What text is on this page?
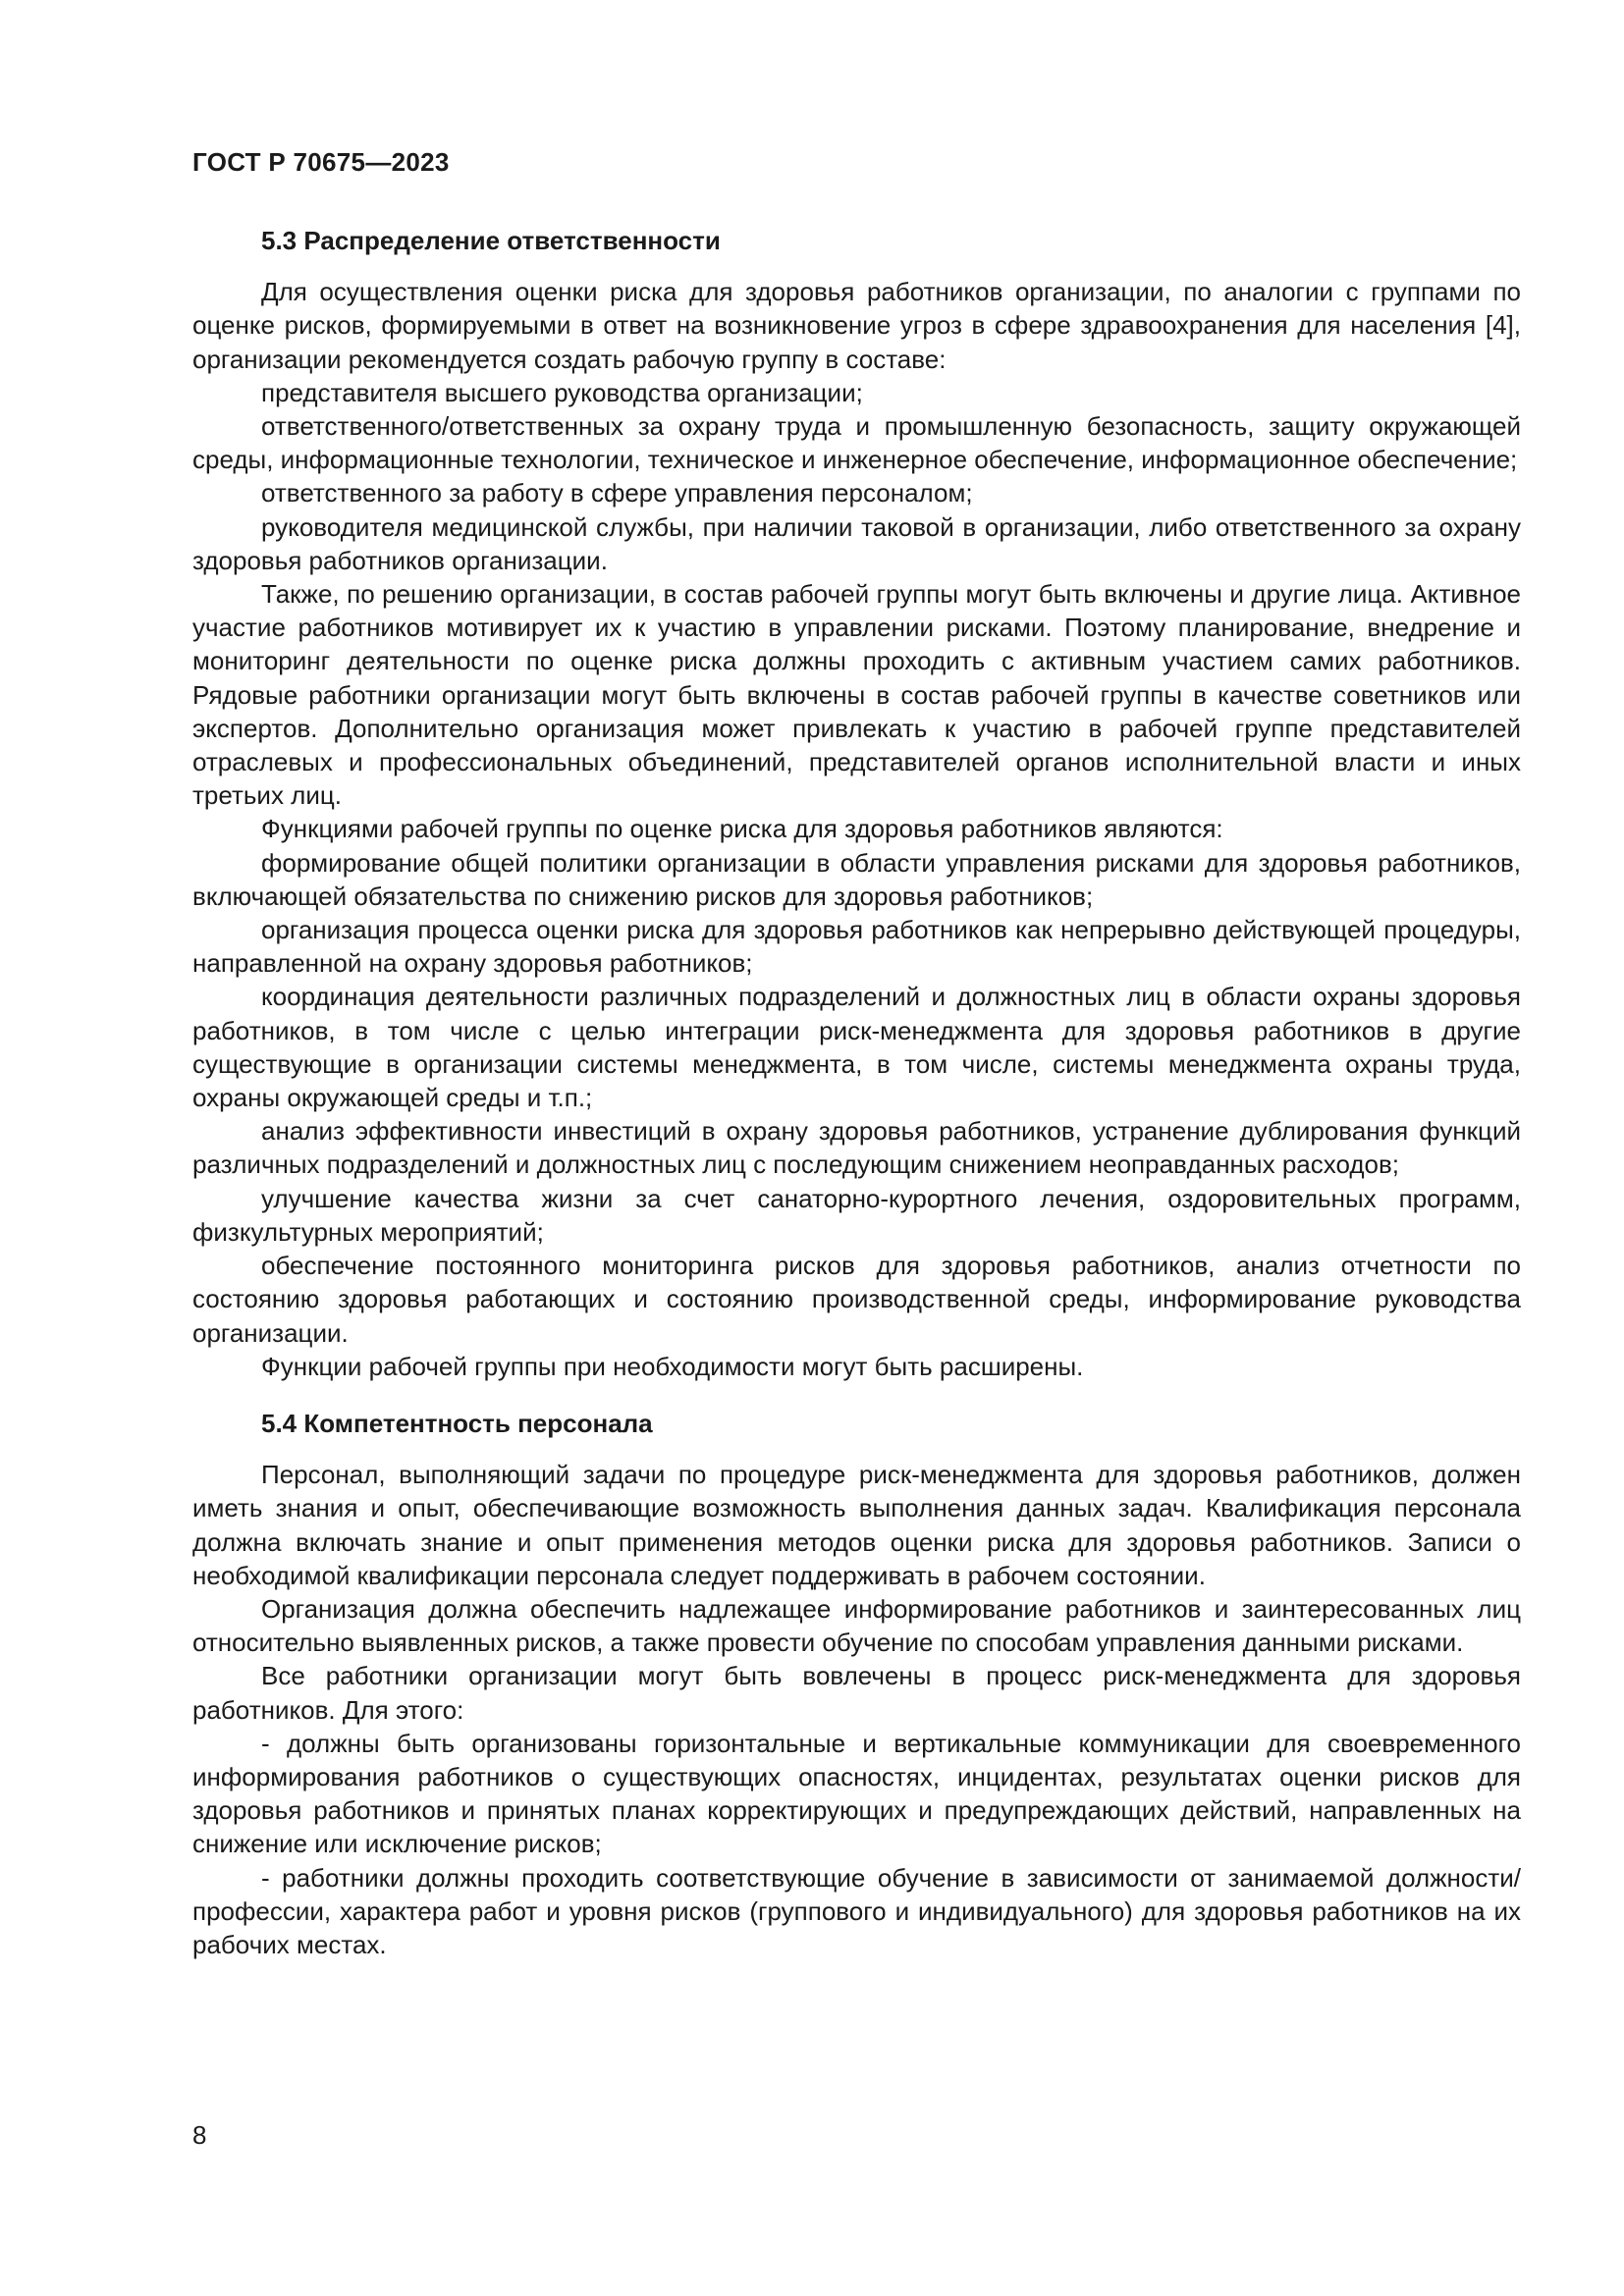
ГОСТ Р 70675—2023
5.3 Распределение ответственности

Для осуществления оценки риска для здоровья работников организации, по аналогии с группами по оценке рисков, формируемыми в ответ на возникновение угроз в сфере здравоохранения для населения [4], организации рекомендуется создать рабочую группу в составе:

представителя высшего руководства организации;

ответственного/ответственных за охрану труда и промышленную безопасность, защиту окружающей среды, информационные технологии, техническое и инженерное обеспечение, информационное обеспечение;

ответственного за работу в сфере управления персоналом;

руководителя медицинской службы, при наличии таковой в организации, либо ответственного за охрану здоровья работников организации.

Также, по решению организации, в состав рабочей группы могут быть включены и другие лица. Активное участие работников мотивирует их к участию в управлении рисками. Поэтому планирование, внедрение и мониторинг деятельности по оценке риска должны проходить с активным участием самих работников. Рядовые работники организации могут быть включены в состав рабочей группы в качестве советников или экспертов. Дополнительно организация может привлекать к участию в рабочей группе представителей отраслевых и профессиональных объединений, представителей органов исполнительной власти и иных третьих лиц.

Функциями рабочей группы по оценке риска для здоровья работников являются:

формирование общей политики организации в области управления рисками для здоровья работников, включающей обязательства по снижению рисков для здоровья работников;

организация процесса оценки риска для здоровья работников как непрерывно действующей процедуры, направленной на охрану здоровья работников;

координация деятельности различных подразделений и должностных лиц в области охраны здоровья работников, в том числе с целью интеграции риск-менеджмента для здоровья работников в другие существующие в организации системы менеджмента, в том числе, системы менеджмента охраны труда, охраны окружающей среды и т.п.;

анализ эффективности инвестиций в охрану здоровья работников, устранение дублирования функций различных подразделений и должностных лиц с последующим снижением неоправданных расходов;

улучшение качества жизни за счет санаторно-курортного лечения, оздоровительных программ, физкультурных мероприятий;

обеспечение постоянного мониторинга рисков для здоровья работников, анализ отчетности по состоянию здоровья работающих и состоянию производственной среды, информирование руководства организации.

Функции рабочей группы при необходимости могут быть расширены.

5.4 Компетентность персонала

Персонал, выполняющий задачи по процедуре риск-менеджмента для здоровья работников, должен иметь знания и опыт, обеспечивающие возможность выполнения данных задач. Квалификация персонала должна включать знание и опыт применения методов оценки риска для здоровья работников. Записи о необходимой квалификации персонала следует поддерживать в рабочем состоянии.

Организация должна обеспечить надлежащее информирование работников и заинтересованных лиц относительно выявленных рисков, а также провести обучение по способам управления данными рисками.

Все работники организации могут быть вовлечены в процесс риск-менеджмента для здоровья работников. Для этого:

- должны быть организованы горизонтальные и вертикальные коммуникации для своевременного информирования работников о существующих опасностях, инцидентах, результатах оценки рисков для здоровья работников и принятых планах корректирующих и предупреждающих действий, направленных на снижение или исключение рисков;

- работники должны проходить соответствующие обучение в зависимости от занимаемой должности/профессии, характера работ и уровня рисков (группового и индивидуального) для здоровья работников на их рабочих местах.

8
